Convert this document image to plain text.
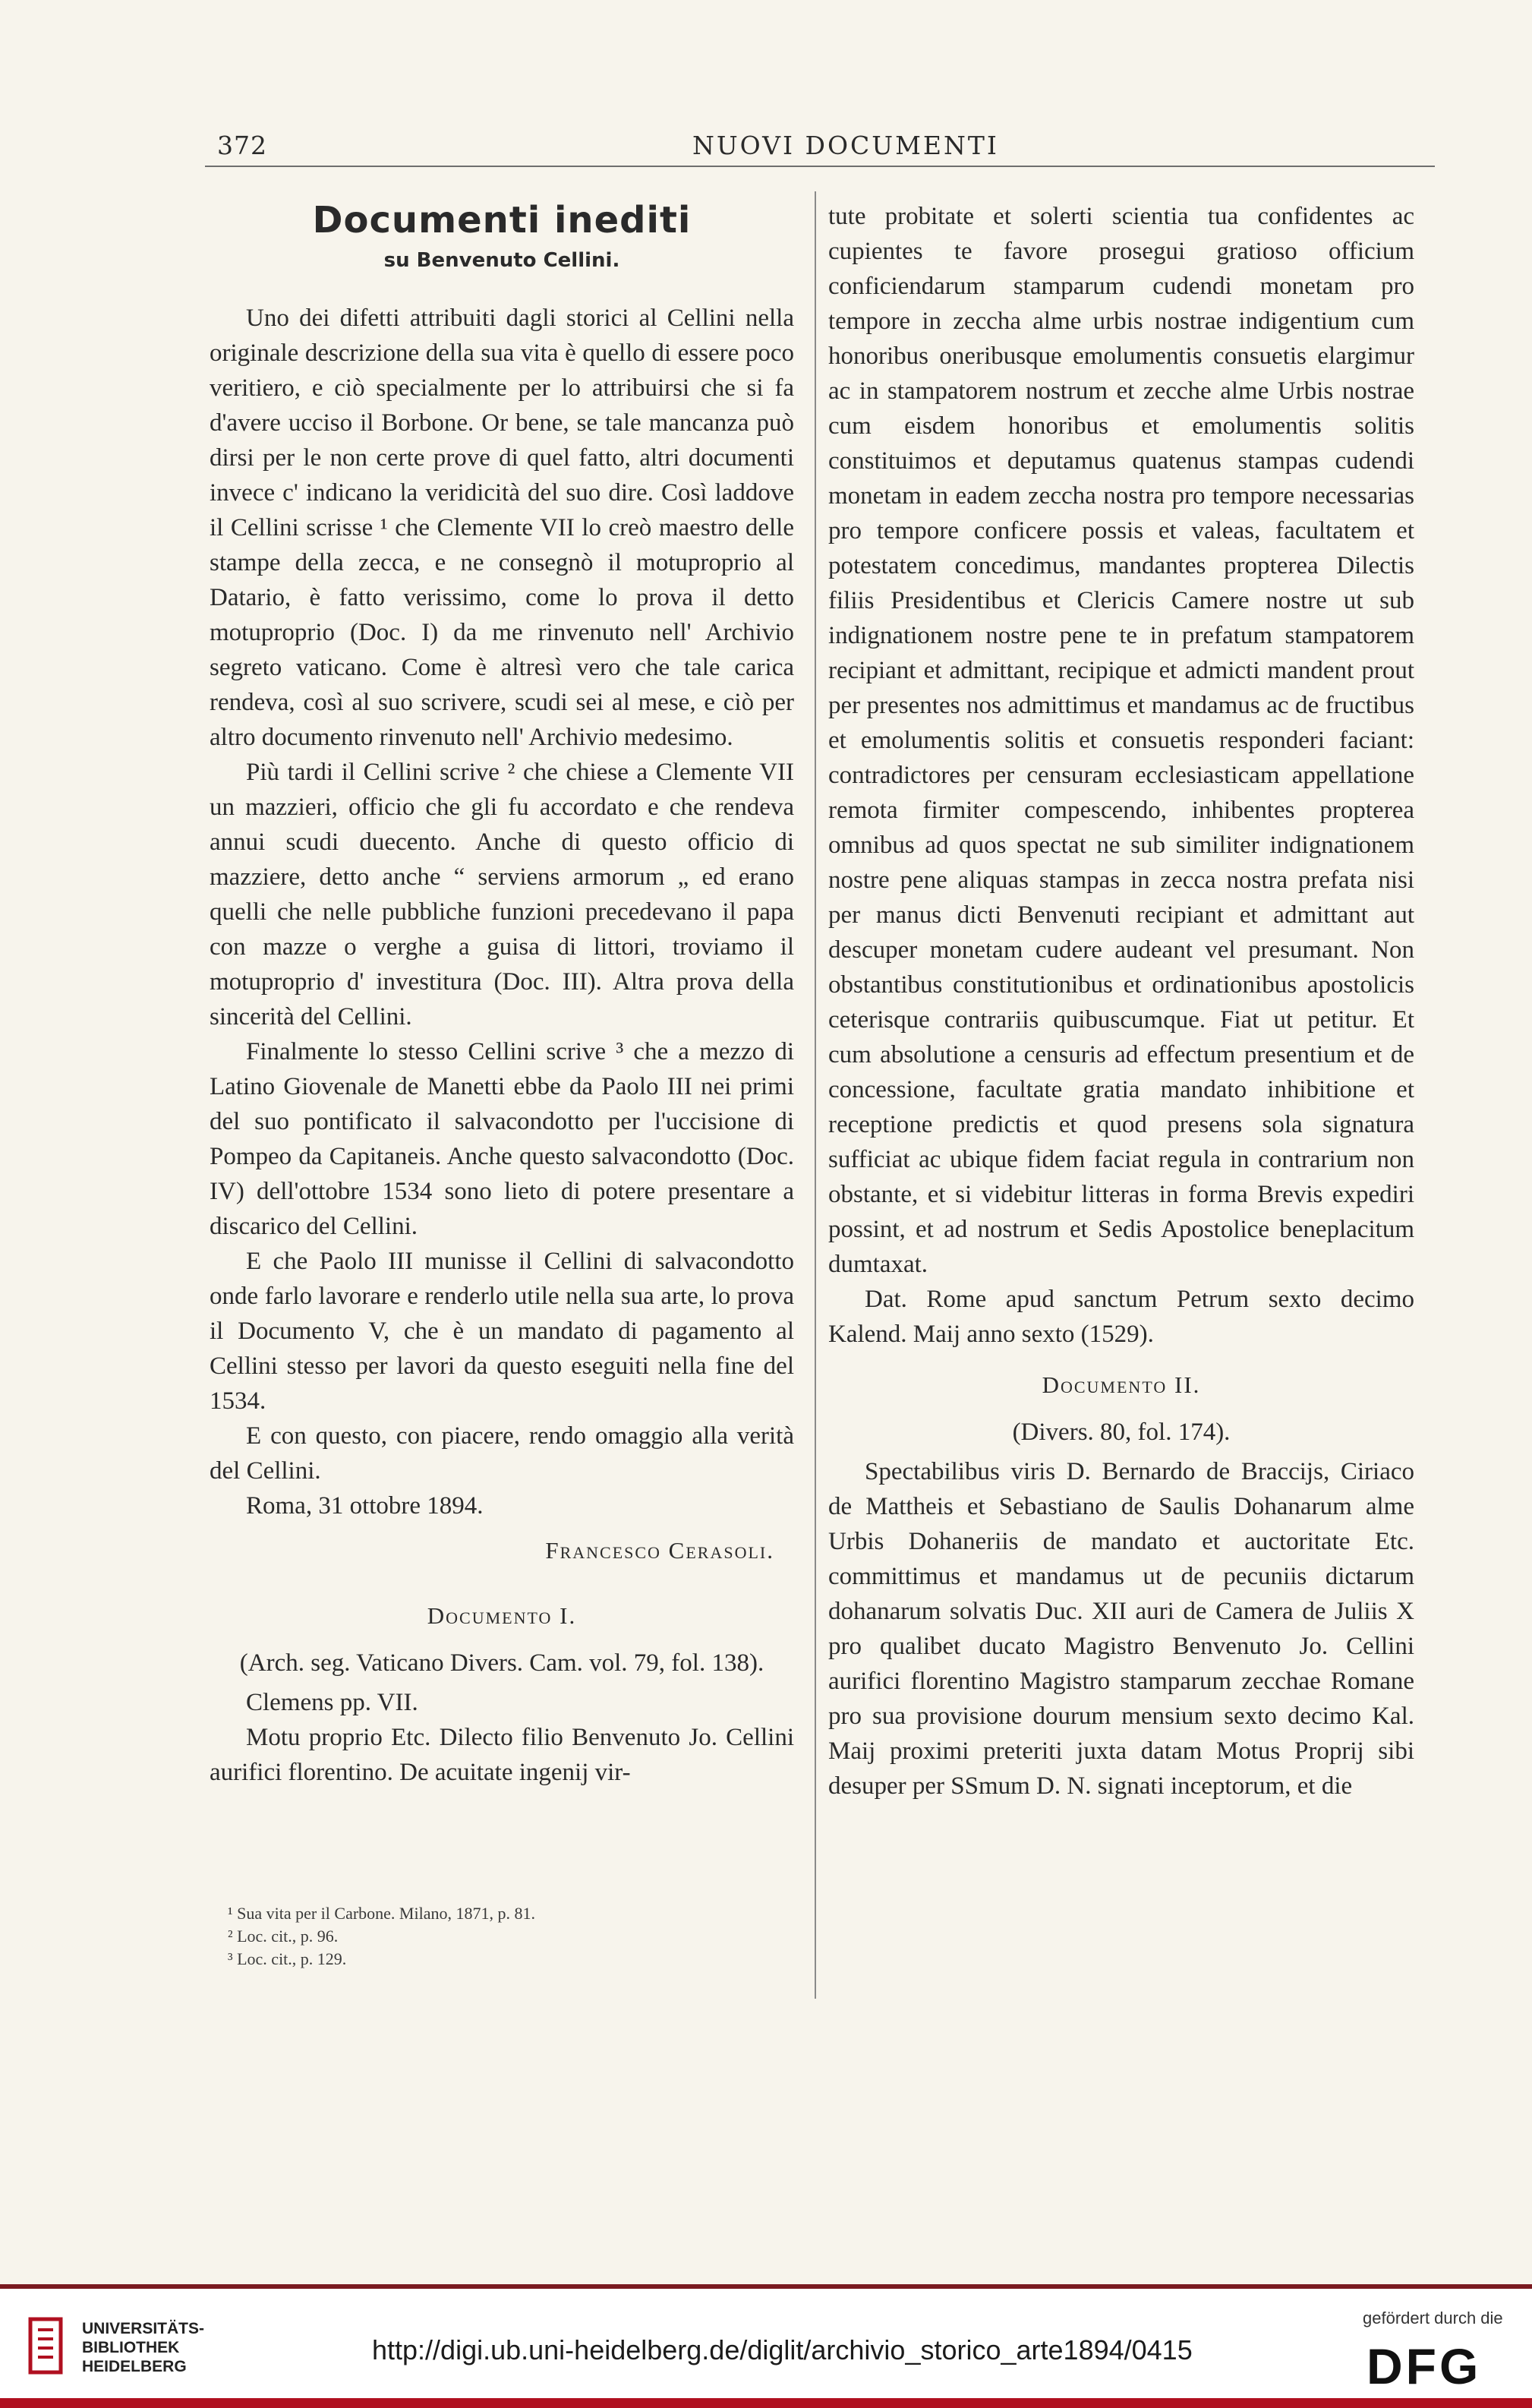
372	NUOVI DOCUMENTI
Documenti inediti
su Benvenuto Cellini.

Uno dei difetti attribuiti dagli storici al Cellini nella originale descrizione della sua vita è quello di essere poco veritiero, e ciò specialmente per lo attribuirsi che si fa d'avere ucciso il Borbone. Or bene, se tale mancanza può dirsi per le non certe prove di quel fatto, altri documenti invece c' indicano la veridicità del suo dire. Così laddove il Cellini scrisse ¹ che Clemente VII lo creò maestro delle stampe della zecca, e ne consegnò il motuproprio al Datario, è fatto verissimo, come lo prova il detto motuproprio (Doc. I) da me rinvenuto nell' Archivio segreto vaticano. Come è altresì vero che tale carica rendeva, così al suo scrivere, scudi sei al mese, e ciò per altro documento rinvenuto nell' Archivio medesimo.

Più tardi il Cellini scrive ² che chiese a Clemente VII un mazzieri, officio che gli fu accordato e che rendeva annui scudi duecento. Anche di questo officio di mazziere, detto anche “ serviens armorum „ ed erano quelli che nelle pubbliche funzioni precedevano il papa con mazze o verghe a guisa di littori, troviamo il motuproprio d' investitura (Doc. III). Altra prova della sincerità del Cellini.

Finalmente lo stesso Cellini scrive ³ che a mezzo di Latino Giovenale de Manetti ebbe da Paolo III nei primi del suo pontificato il salvacondotto per l'uccisione di Pompeo da Capitaneis. Anche questo salvacondotto (Doc. IV) dell'ottobre 1534 sono lieto di potere presentare a discarico del Cellini.

E che Paolo III munisse il Cellini di salvacondotto onde farlo lavorare e renderlo utile nella sua arte, lo prova il Documento V, che è un mandato di pagamento al Cellini stesso per lavori da questo eseguiti nella fine del 1534.

E con questo, con piacere, rendo omaggio alla verità del Cellini.

Roma, 31 ottobre 1894.

Francesco Cerasoli.
Documento I.
(Arch. seg. Vaticano Divers. Cam. vol. 79, fol. 138).

Clemens pp. VII.

Motu proprio Etc. Dilecto filio Benvenuto Jo. Cellini aurifici florentino. De acuitate ingenij vir-

¹ Sua vita per il Carbone. Milano, 1871, p. 81.
² Loc. cit., p. 96.
³ Loc. cit., p. 129.

tute probitate et solerti scientia tua confidentes ac cupientes te favore prosegui gratioso officium conficiendarum stamparum cudendi monetam pro tempore in zeccha alme urbis nostrae indigentium cum honoribus oneribusque emolumentis consuetis elargimur ac in stampatorem nostrum et zecche alme Urbis nostrae cum eisdem honoribus et emolumentis solitis constituimos et deputamus quatenus stampas cudendi monetam in eadem zeccha nostra pro tempore necessarias pro tempore conficere possis et valeas, facultatem et potestatem concedimus, mandantes propterea Dilectis filiis Presidentibus et Clericis Camere nostre ut sub indignationem nostre pene te in prefatum stampatorem recipiant et admittant, recipique et admicti mandent prout per presentes nos admittimus et mandamus ac de fructibus et emolumentis solitis et consuetis responderi faciant: contradictores per censuram ecclesiasticam appellatione remota firmiter compescendo, inhibentes propterea omnibus ad quos spectat ne sub similiter indignationem nostre pene aliquas stampas in zecca nostra prefata nisi per manus dicti Benvenuti recipiant et admittant aut descuper monetam cudere audeant vel presumant. Non obstantibus constitutionibus et ordinationibus apostolicis ceterisque contrariis quibuscumque. Fiat ut petitur. Et cum absolutione a censuris ad effectum presentium et de concessione, facultate gratia mandato inhibitione et receptione predictis et quod presens sola signatura sufficiat ac ubique fidem faciat regula in contrarium non obstante, et si videbitur litteras in forma Brevis expediri possint, et ad nostrum et Sedis Apostolice beneplacitum dumtaxat.

Dat. Rome apud sanctum Petrum sexto decimo Kalend. Maij anno sexto (1529).

Documento II.
(Divers. 80, fol. 174).

Spectabilibus viris D. Bernardo de Braccijs, Ciriaco de Mattheis et Sebastiano de Saulis Dohanarum alme Urbis Dohaneriis de mandato et auctoritate Etc. committimus et mandamus ut de pecuniis dictarum dohanarum solvatis Duc. XII auri de Camera de Juliis X pro qualibet ducato Magistro Benvenuto Jo. Cellini aurifici florentino Magistro stamparum zecchae Romane pro sua provisione dourum mensium sexto decimo Kal. Maij proximi preteriti juxta datam Motus Proprij sibi desuper per SSmum D. N. signati inceptorum, et die

UNIVERSITÄTS-
BIBLIOTHEK
HEIDELBERG
http://digi.ub.uni-heidelberg.de/diglit/archivio_storico_arte1894/0415
gefördert durch die
DFG
